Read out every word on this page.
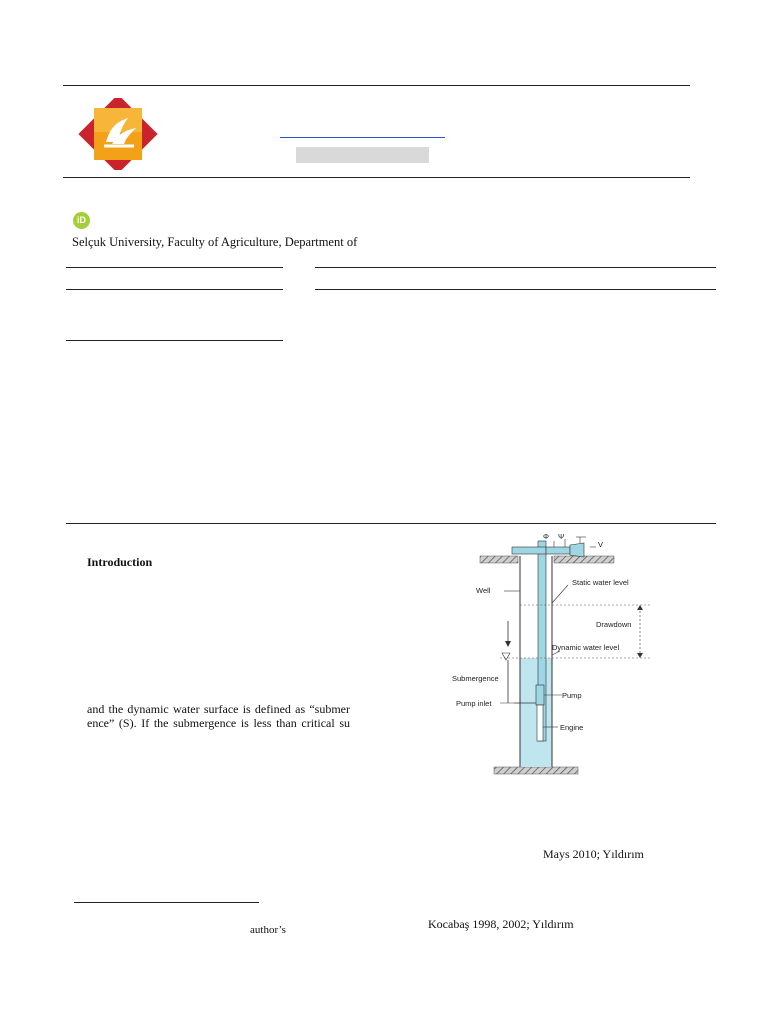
iD
Selçuk University, Faculty of Agriculture, Department of
Introduction
and the dynamic water surface is defined as “submer
ence” (S). If the submergence is less than critical su
Φ Ψ
V
Well
Static water level
Drawdown
Dynamic water level
Submergence
Pump
Pump inlet
Engine
Mays 2010; Yıldırım
author’s	Kocabaş 1998, 2002; Yıldırım
